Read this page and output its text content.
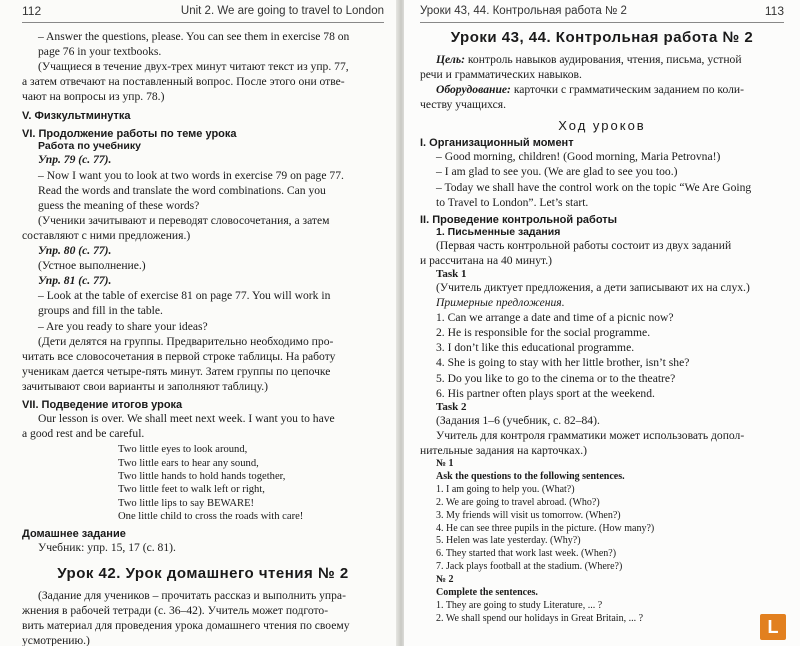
112	Unit 2. We are going to travel to London

– Answer the questions, please. You can see them in exercise 78 on

page 76 in your textbooks.

(Учащиеся в течение двух-трех минут читают текст из упр. 77,

а затем отвечают на поставленный вопрос. После этого они отве-

чают на вопросы из упр. 78.)

V. Физкультминутка
VI. Продолжение работы по теме урока
Работа по учебнику

Упр. 79 (с. 77).

– Now I want you to look at two words in exercise 79 on page 77.

Read the words and translate the word combinations. Can you

guess the meaning of these words?

(Ученики зачитывают и переводят словосочетания, а затем

составляют с ними предложения.)

Упр. 80 (с. 77).

(Устное выполнение.)

Упр. 81 (с. 77).

– Look at the table of exercise 81 on page 77. You will work in

groups and fill in the table.

– Are you ready to share your ideas?

(Дети делятся на группы. Предварительно необходимо про-

читать все словосочетания в первой строке таблицы. На работу

ученикам дается четыре-пять минут. Затем группы по цепочке

зачитывают свои варианты и заполняют таблицу.)

VII. Подведение итогов урока

Our lesson is over. We shall meet next week. I want you to have

a good rest and be careful.

Two little eyes to look around,

Two little ears to hear any sound,

Two little hands to hold hands together,

Two little feet to walk left or right,

Two little lips to say BEWARE!

One little child to cross the roads with care!

Домашнее задание

Учебник: упр. 15, 17 (с. 81).

Урок 42. Урок домашнего чтения № 2

(Задание для учеников – прочитать рассказ и выполнить упра-

жнения в рабочей тетради (с. 36–42). Учитель может подгото-

вить материал для проведения урока домашнего чтения по своему

усмотрению.)

Уроки 43, 44. Контрольная работа № 2	113
Уроки 43, 44. Контрольная работа № 2

Цель: контроль навыков аудирования, чтения, письма, устной

речи и грамматических навыков.

Оборудование: карточки с грамматическим заданием по коли-

честву учащихся.

Ход уроков
I. Организационный момент

– Good morning, children! (Good morning, Maria Petrovna!)

– I am glad to see you. (We are glad to see you too.)

– Today we shall have the control work on the topic “We Are Going

to Travel to London”. Let’s start.

II. Проведение контрольной работы
1. Письменные задания

(Первая часть контрольной работы состоит из двух заданий

и рассчитана на 40 минут.)

Task 1

(Учитель диктует предложения, а дети записывают их на слух.)

Примерные предложения.

1. Can we arrange a date and time of a picnic now?

2. He is responsible for the social programme.

3. I don’t like this educational programme.

4. She is going to stay with her little brother, isn’t she?

5. Do you like to go to the cinema or to the theatre?

6. His partner often plays sport at the weekend.

Task 2

(Задания 1–6 (учебник, с. 82–84).

Учитель для контроля грамматики может использовать допол-

нительные задания на карточках.)

№ 1
Ask the questions to the following sentences.

1. I am going to help you. (What?)

2. We are going to travel abroad. (Who?)

3. My friends will visit us tomorrow. (When?)

4. He can see three pupils in the picture. (How many?)

5. Helen was late yesterday. (Why?)

6. They started that work last week. (When?)

7. Jack plays football at the stadium. (Where?)

№ 2
Complete the sentences.

1. They are going to study Literature, ... ?

2. We shall spend our holidays in Great Britain, ... ?	L
